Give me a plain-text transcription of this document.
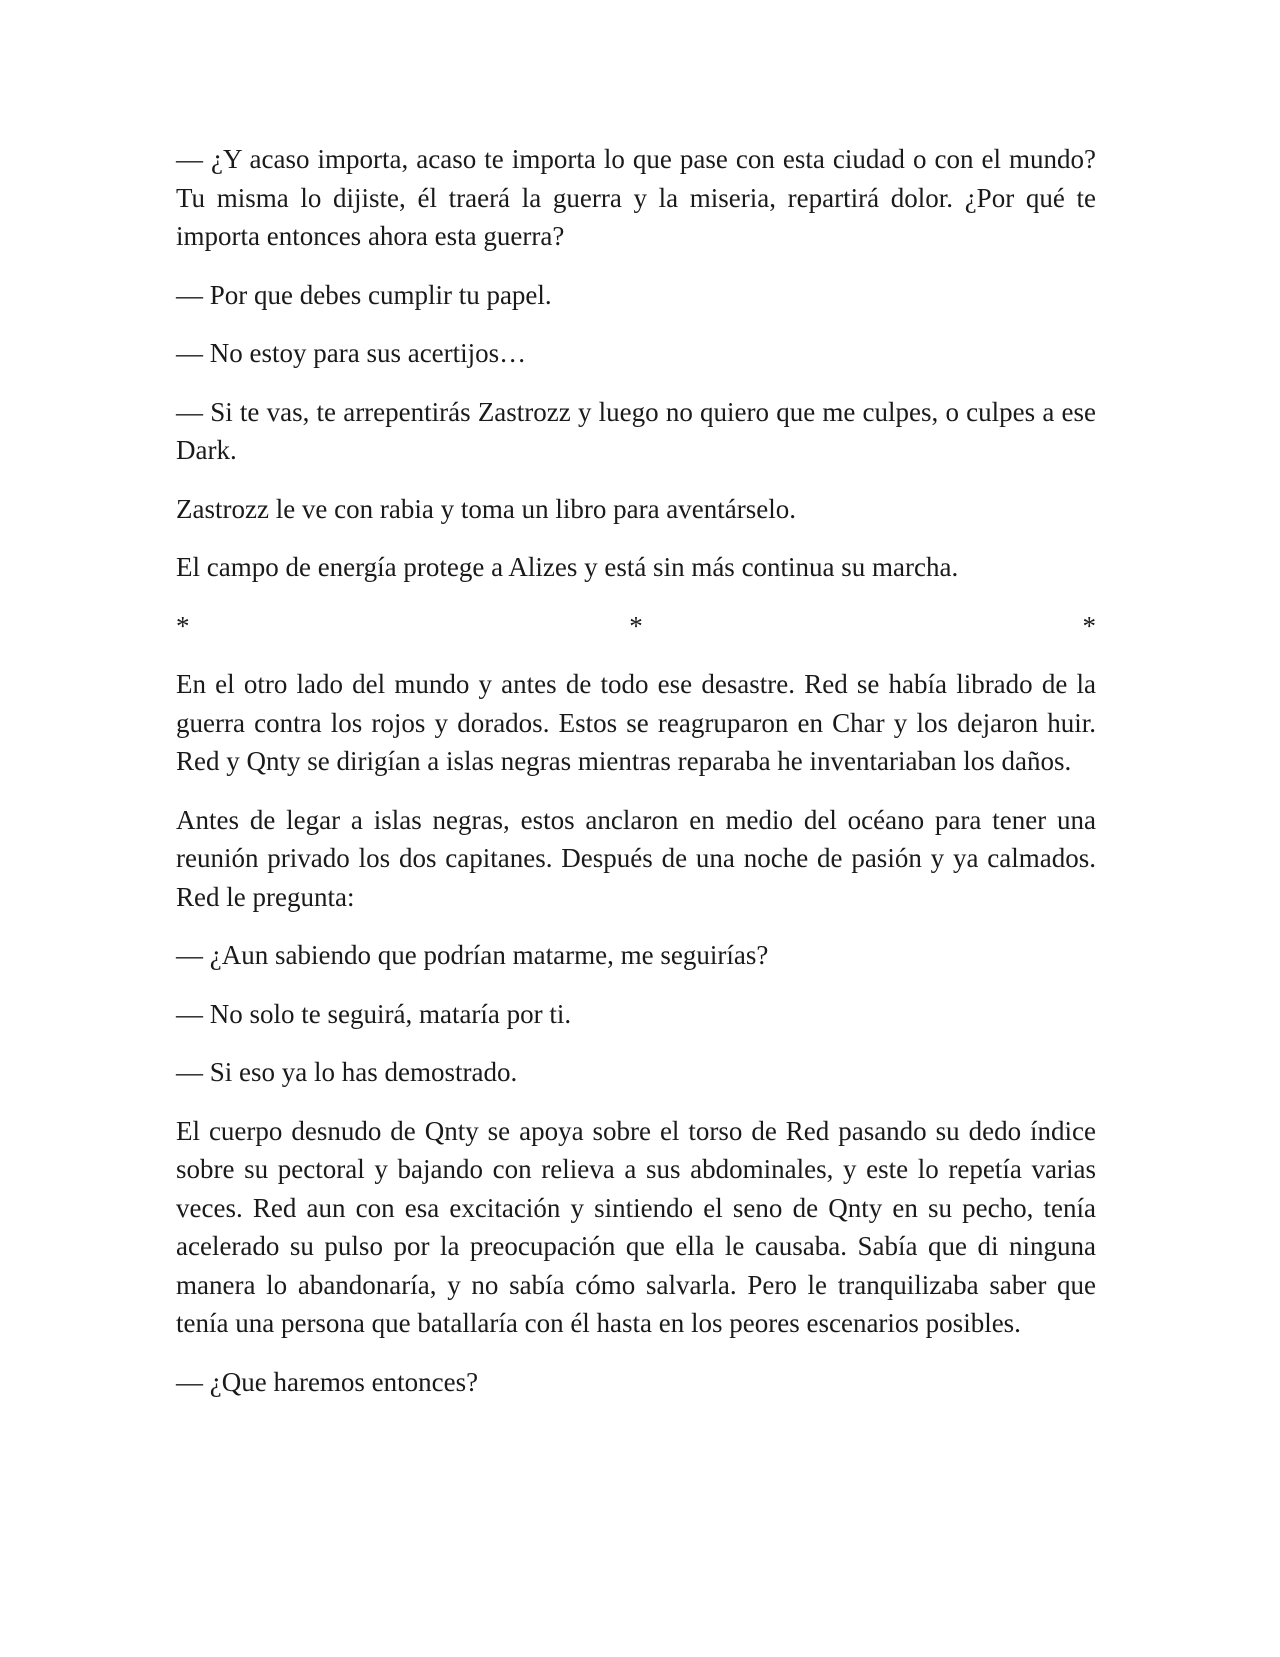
— ¿Y acaso importa, acaso te importa lo que pase con esta ciudad o con el mundo? Tu misma lo dijiste, él traerá la guerra y la miseria, repartirá dolor. ¿Por qué te importa entonces ahora esta guerra?

— Por que debes cumplir tu papel.

— No estoy para sus acertijos…

— Si te vas, te arrepentirás Zastrozz y luego no quiero que me culpes, o culpes a ese Dark.

Zastrozz le ve con rabia y toma un libro para aventárselo.

El campo de energía protege a Alizes y está sin más continua su marcha.

*	*	*

En el otro lado del mundo y antes de todo ese desastre. Red se había librado de la guerra contra los rojos y dorados. Estos se reagruparon en Char y los dejaron huir. Red y Qnty se dirigían a islas negras mientras reparaba he inventariaban los daños.

Antes de legar a islas negras, estos anclaron en medio del océano para tener una reunión privado los dos capitanes. Después de una noche de pasión y ya calmados. Red le pregunta:

— ¿Aun sabiendo que podrían matarme, me seguirías?

— No solo te seguirá, mataría por ti.

— Si eso ya lo has demostrado.

El cuerpo desnudo de Qnty se apoya sobre el torso de Red pasando su dedo índice sobre su pectoral y bajando con relieva a sus abdominales, y este lo repetía varias veces. Red aun con esa excitación y sintiendo el seno de Qnty en su pecho, tenía acelerado su pulso por la preocupación que ella le causaba. Sabía que di ninguna manera lo abandonaría, y no sabía cómo salvarla. Pero le tranquilizaba saber que tenía una persona que batallaría con él hasta en los peores escenarios posibles.

— ¿Que haremos entonces?
